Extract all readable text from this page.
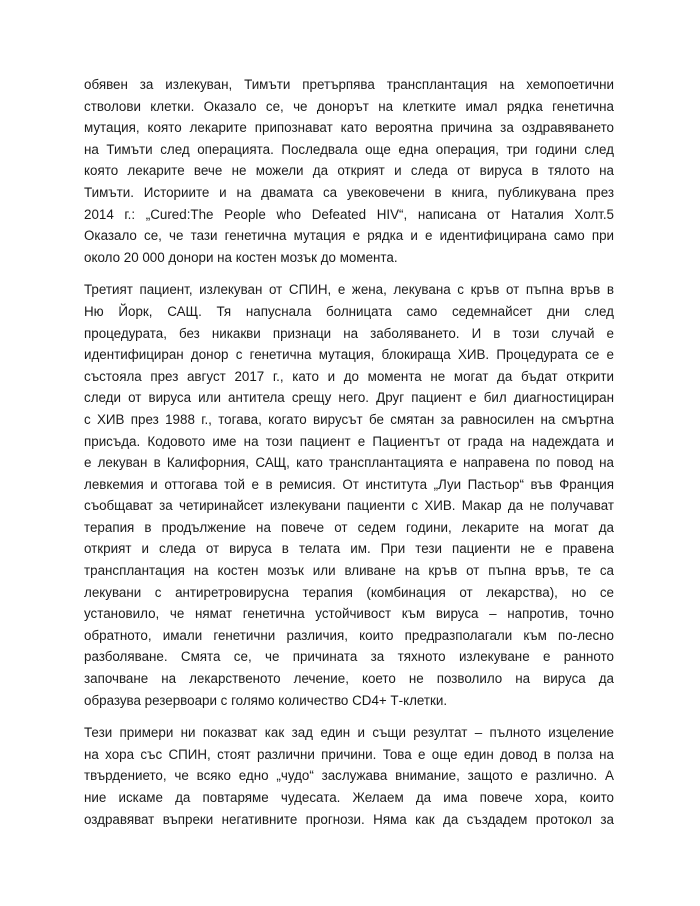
обявен за излекуван, Тимъти претърпява трансплантация на хемопоетични
стволови клетки. Оказало се, че донорът на клетките имал рядка генетична
мутация, която лекарите припознават като вероятна причина за оздравяването
на Тимъти след операцията. Последвала още една операция, три години след
която лекарите вече не можели да открият и следа от вируса в тялото на
Тимъти. Историите и на двамата са увековечени в книга, публикувана през
2014 г.: „Cured:The People who Defeated HIV“, написана от Наталия Холт.5
Оказало се, че тази генетична мутация е рядка и е идентифицирана само при
около 20 000 донори на костен мозък до момента.

Третият пациент, излекуван от СПИН, е жена, лекувана с кръв от пъпна връв в
Ню Йорк, САЩ. Тя напуснала болницата само седемнайсет дни след
процедурата, без никакви признаци на заболяването. И в този случай е
идентифициран донор с генетична мутация, блокираща ХИВ. Процедурата се е
състояла през август 2017 г., като и до момента не могат да бъдат открити
следи от вируса или антитела срещу него. Друг пациент е бил диагностициран
с ХИВ през 1988 г., тогава, когато вирусът бе смятан за равносилен на смъртна
присъда. Кодовото име на този пациент е Пациентът от града на надеждата и
е лекуван в Калифорния, САЩ, като трансплантацията е направена по повод на
левкемия и оттогава той е в ремисия. От института „Луи Пастьор“ във Франция
съобщават за четиринайсет излекувани пациенти с ХИВ. Макар да не получават
терапия в продължение на повече от седем години, лекарите на могат да
открият и следа от вируса в телата им. При тези пациенти не е правена
трансплантация на костен мозък или вливане на кръв от пъпна връв, те са
лекувани с антиретровирусна терапия (комбинация от лекарства), но се
установило, че нямат генетична устойчивост към вируса – напротив, точно
обратното, имали генетични различия, които предразполагали към по-лесно
разболяване. Смята се, че причината за тяхното излекуване е ранното
започване на лекарственото лечение, което не позволило на вируса да
образува резервоари с голямо количество CD4+ Т-клетки.

Тези примери ни показват как зад един и същи резултат – пълното изцеление
на хора със СПИН, стоят различни причини. Това е още един довод в полза на
твърдението, че всяко едно „чудо“ заслужава внимание, защото е различно. А
ние искаме да повтаряме чудесата. Желаем да има повече хора, които
оздравяват въпреки негативните прогнози. Няма как да създадем протокол за
